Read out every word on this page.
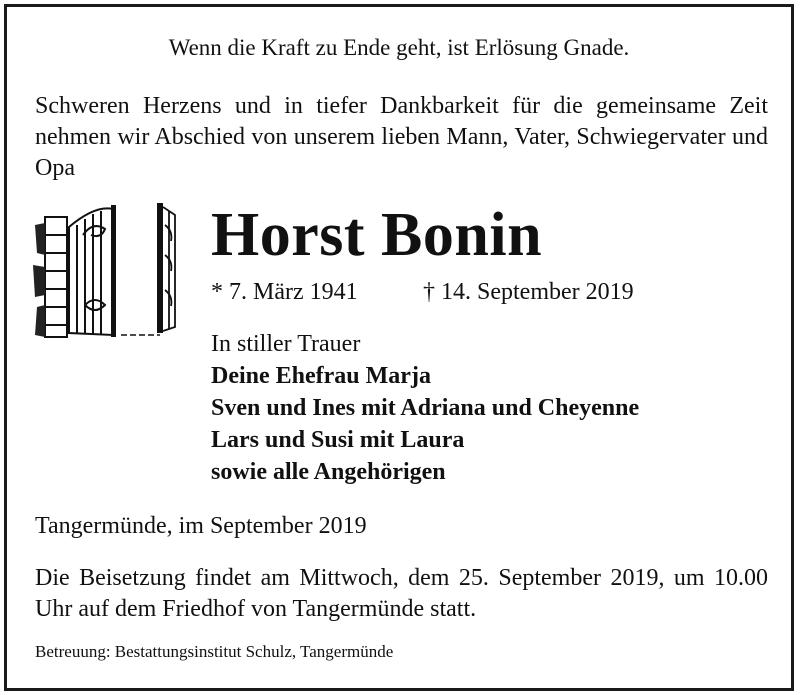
Wenn die Kraft zu Ende geht, ist Erlösung Gnade.
Schweren Herzens und in tiefer Dankbarkeit für die gemeinsame Zeit nehmen wir Abschied von unserem lieben Mann, Vater, Schwiegervater und Opa
Horst Bonin
* 7. März 1941	† 14. September 2019
In stiller Trauer
Deine Ehefrau Marja
Sven und Ines mit Adriana und Cheyenne
Lars und Susi mit Laura
sowie alle Angehörigen
Tangermünde, im September 2019
Die Beisetzung findet am Mittwoch, dem 25. September 2019, um 10.00 Uhr auf dem Friedhof von Tangermünde statt.
Betreuung: Bestattungsinstitut Schulz, Tangermünde
